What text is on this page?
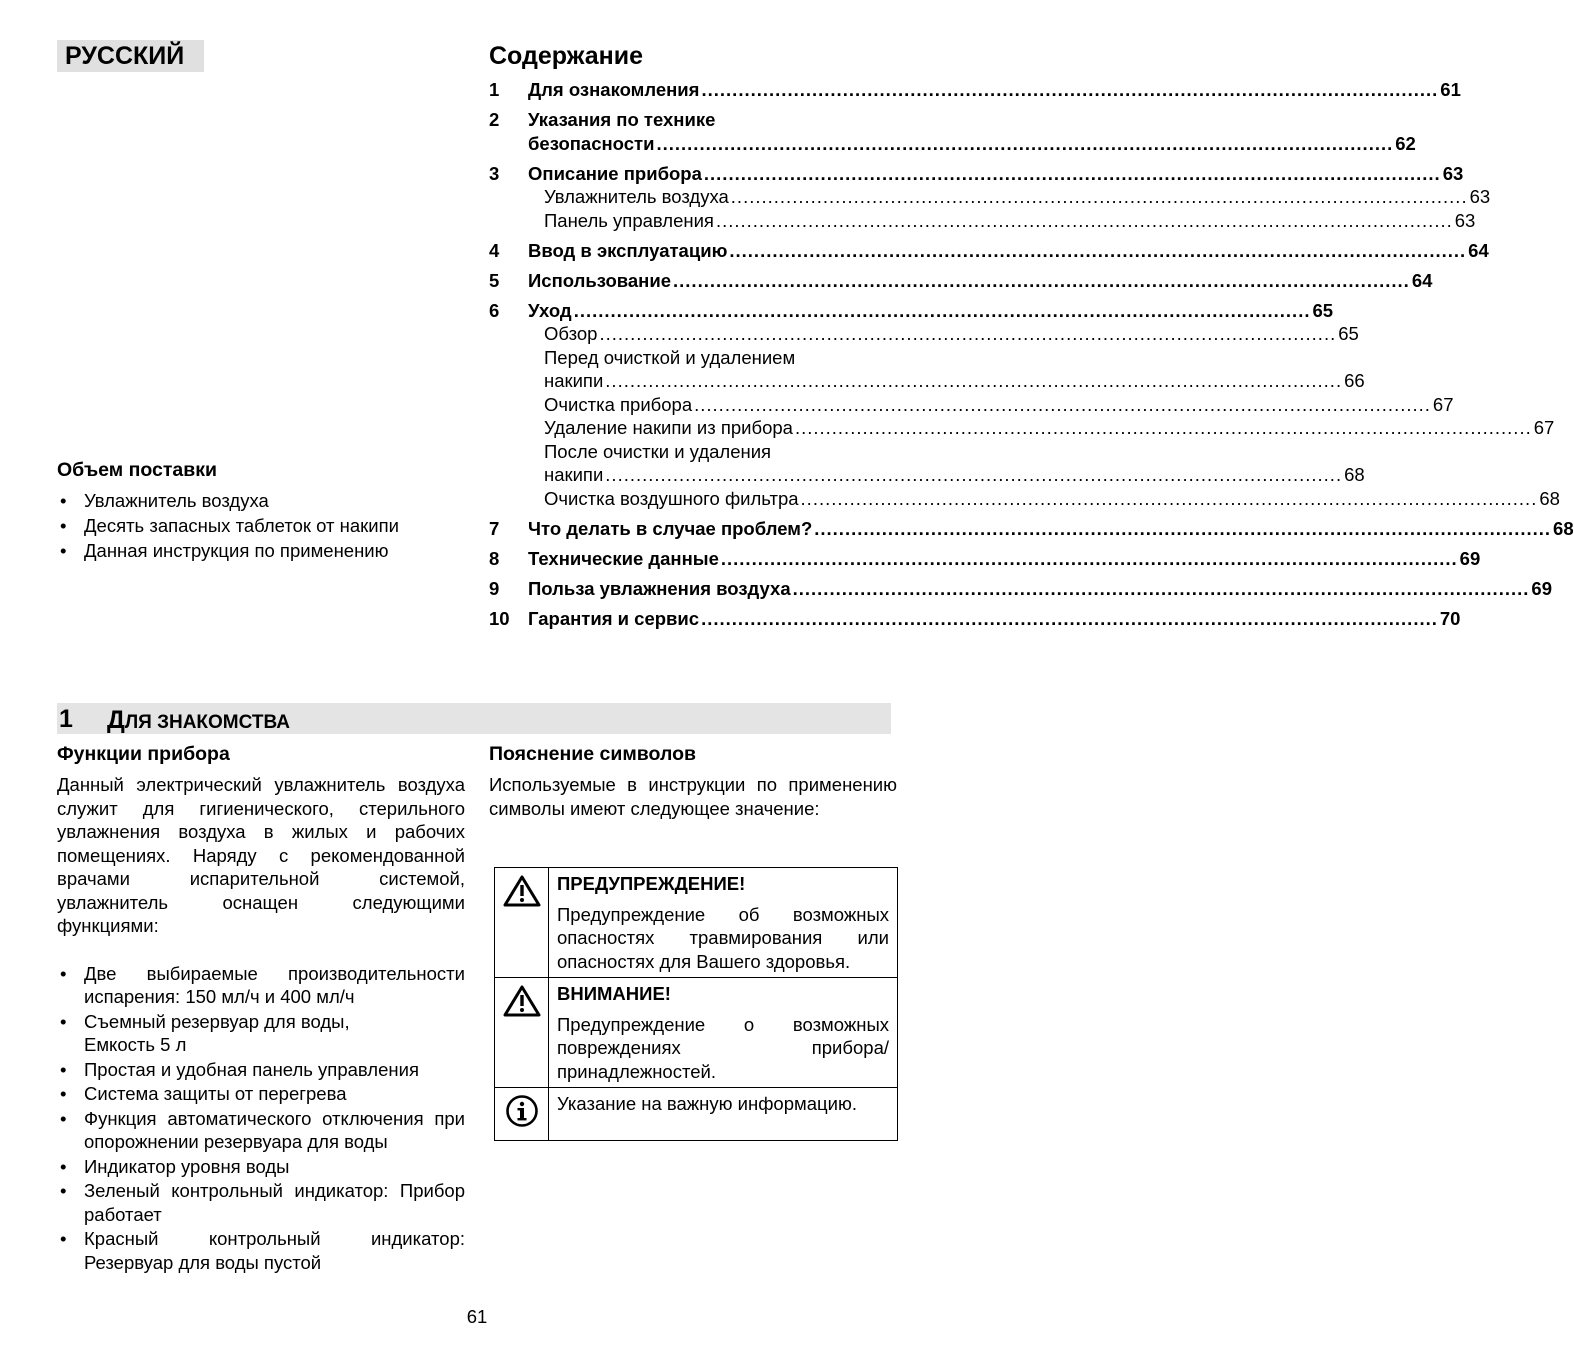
РУССКИЙ	Содержание
1	Для ознакомления ........................................................................................................................ 61
2	Указания по технике
безопасности ........................................................................................................................ 62
3	Описание прибора ........................................................................................................................ 63
Увлажнитель воздуха ........................................................................................................................ 63
Панель управления ........................................................................................................................ 63
4	Ввод в эксплуатацию ........................................................................................................................ 64
5	Использование ........................................................................................................................ 64
6	Уход ........................................................................................................................ 65
Обзор ........................................................................................................................ 65
Перед очисткой и удалением
накипи ........................................................................................................................ 66
Очистка прибора ........................................................................................................................ 67
Удаление накипи из прибора ........................................................................................................................ 67
После очистки и удаления
накипи ........................................................................................................................ 68
Очистка воздушного фильтра ........................................................................................................................ 68
7	Что делать в случае проблем? ........................................................................................................................ 68
8	Технические данные ........................................................................................................................ 69
9	Польза увлажнения воздуха ........................................................................................................................ 69
10 Гарантия и сервис ........................................................................................................................ 70
Объем поставки
• Увлажнитель воздуха
• Десять запасных таблеток от накипи
• Данная инструкция по применению
1 ДЛЯ ЗНАКОМСТВА
Функции прибора

Данный электрический увлажнитель воздуха служит для гигиенического, стерильного увлажнения воздуха в жилых и рабочих помещениях. Наряду с рекомендованной врачами испарительной системой, увлажнитель оснащен следующими функциями:

• Две выбираемые производительности испарения: 150 мл/ч и 400 мл/ч
• Съемный резервуар для воды,
Емкость 5 л
• Простая и удобная панель управления
• Система защиты от перегрева
• Функция автоматического отключения при опорожнении резервуара для воды
• Индикатор уровня воды
• Зеленый контрольный индикатор: Прибор работает
• Красный контрольный индикатор: Резервуар для воды пустой
Пояснение символов

Используемые в инструкции по применению символы имеют следующее значение:

ПРЕДУПРЕЖДЕНИЕ!
Предупреждение об возможных опасностях травмирования или опасностях для Вашего здоровья.

ВНИМАНИЕ!
Предупреждение о возможных повреждениях прибора/принадлежностей.

Указание на важную информацию.
61
